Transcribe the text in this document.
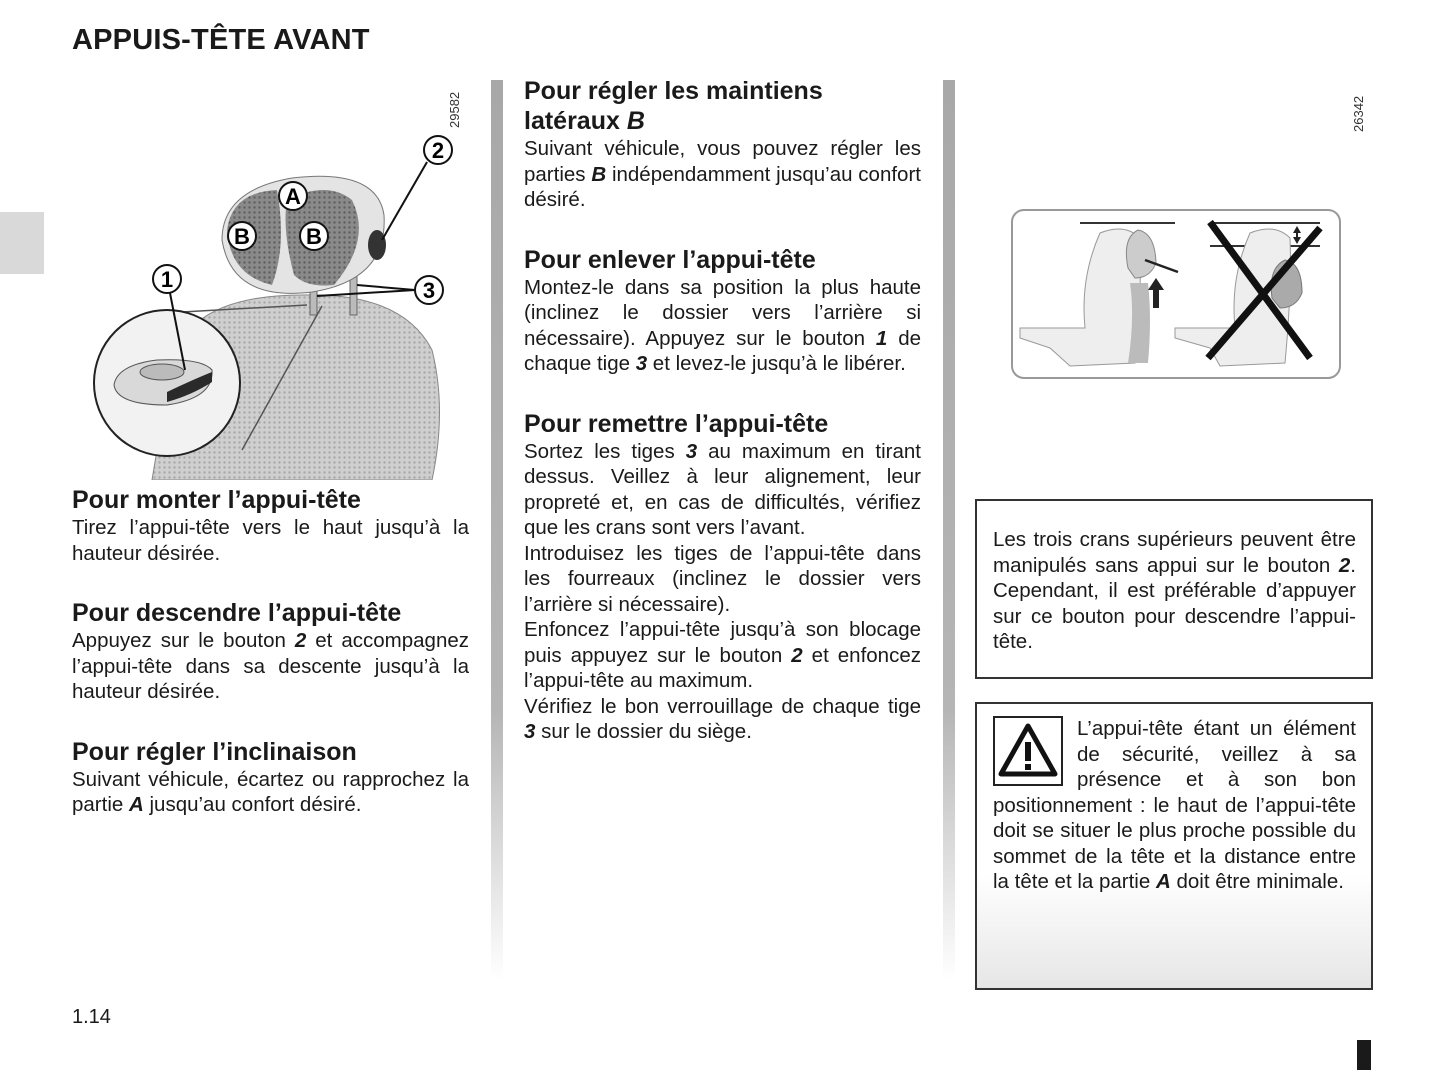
APPUIS-TÊTE AVANT
29582
1
2
3
A
B	B
Pour monter l’appui-tête

Tirez l’appui-tête vers le haut jusqu’à la hauteur désirée.

Pour descendre l’appui-tête

Appuyez sur le bouton 2 et accompagnez l’appui-tête dans sa descente jusqu’à la hauteur désirée.

Pour régler l’inclinaison

Suivant véhicule, écartez ou rapprochez la partie A jusqu’au confort désiré.

Pour régler les maintiens latéraux B

Suivant véhicule, vous pouvez régler les parties B indépendamment jusqu’au confort désiré.

Pour enlever l’appui-tête

Montez-le dans sa position la plus haute (inclinez le dossier vers l’arrière si nécessaire). Appuyez sur le bouton 1 de chaque tige 3 et levez-le jusqu’à le libérer.

Pour remettre l’appui-tête

Sortez les tiges 3 au maximum en tirant dessus. Veillez à leur alignement, leur propreté et, en cas de difficultés, vérifiez que les crans sont vers l’avant.

Introduisez les tiges de l’appui-tête dans les fourreaux (inclinez le dossier vers l’arrière si nécessaire).

Enfoncez l’appui-tête jusqu’à son blocage puis appuyez sur le bouton 2 et enfoncez l’appui-tête au maximum.

Vérifiez le bon verrouillage de chaque tige 3 sur le dossier du siège.

26342

Les trois crans supérieurs peuvent être manipulés sans appui sur le bouton 2. Cependant, il est préférable d’appuyer sur ce bouton pour descendre l’appui-tête.

L’appui-tête étant un élément de sécurité, veillez à sa présence et à son bon positionnement : le haut de l’appui-tête doit se situer le plus proche possible du sommet de la tête et la distance entre la tête et la partie A doit être minimale.

1.14
